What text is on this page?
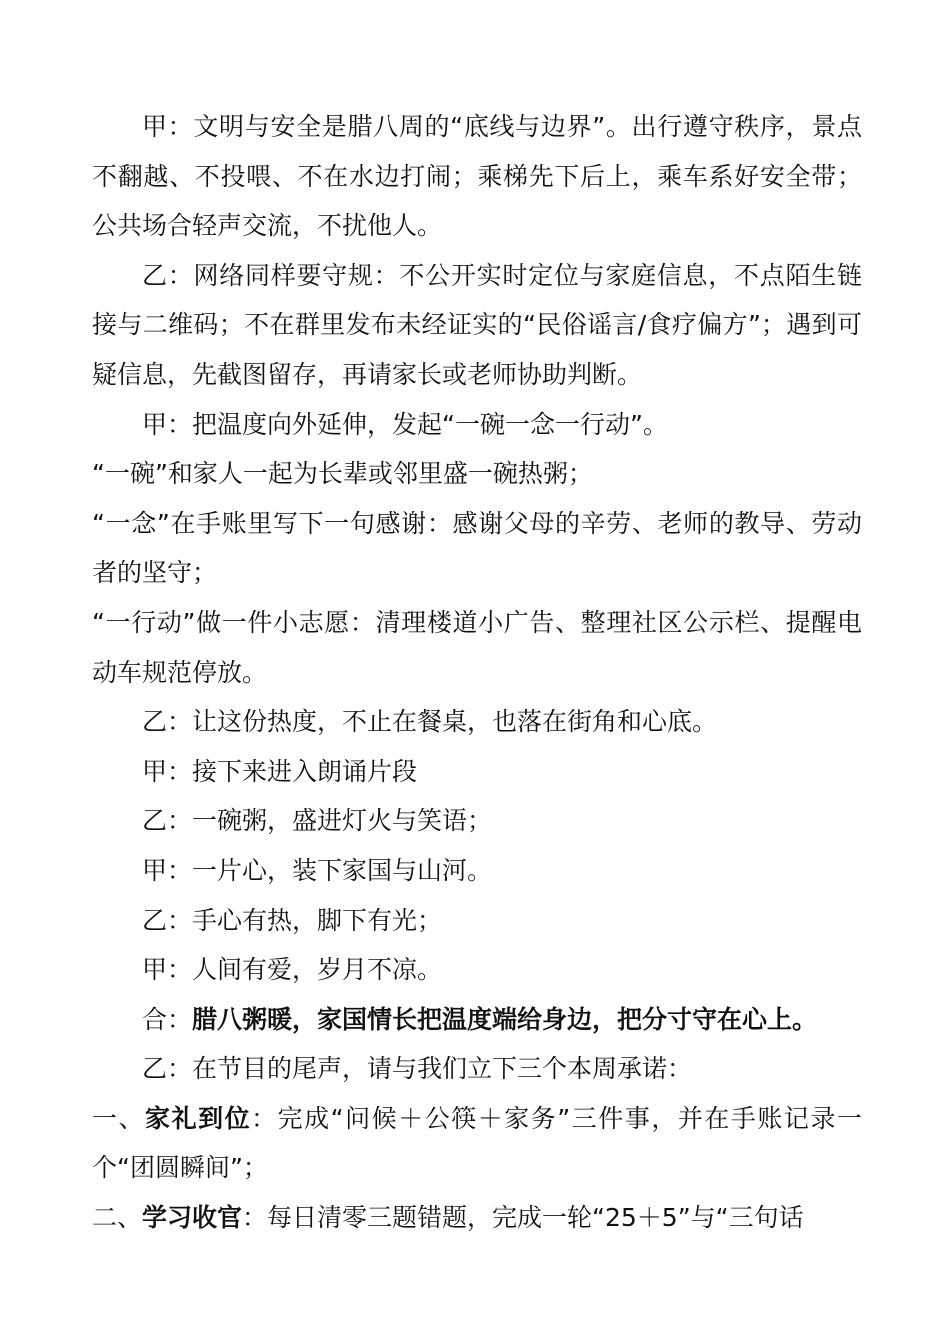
甲：文明与安全是腊八周的“底线与边界”。出行遵守秩序，景点不翻越、不投喂、不在水边打闹；乘梯先下后上，乘车系好安全带；公共场合轻声交流，不扰他人。

乙：网络同样要守规：不公开实时定位与家庭信息，不点陌生链接与二维码；不在群里发布未经证实的“民俗谣言/食疗偏方”；遇到可疑信息，先截图留存，再请家长或老师协助判断。

甲：把温度向外延伸，发起“一碗一念一行动”。

“一碗”和家人一起为长辈或邻里盛一碗热粥；

“一念”在手账里写下一句感谢：感谢父母的辛劳、老师的教导、劳动者的坚守；

“一行动”做一件小志愿：清理楼道小广告、整理社区公示栏、提醒电动车规范停放。

乙：让这份热度，不止在餐桌，也落在街角和心底。

甲：接下来进入朗诵片段

乙：一碗粥，盛进灯火与笑语；

甲：一片心，装下家国与山河。

乙：手心有热，脚下有光；

甲：人间有爱，岁月不凉。

合：腊八粥暖，家国情长把温度端给身边，把分寸守在心上。

乙：在节目的尾声，请与我们立下三个本周承诺：

一、家礼到位：完成“问候＋公筷＋家务”三件事，并在手账记录一个“团圆瞬间”；

二、学习收官：每日清零三题错题，完成一轮“25＋5”与“三句话
